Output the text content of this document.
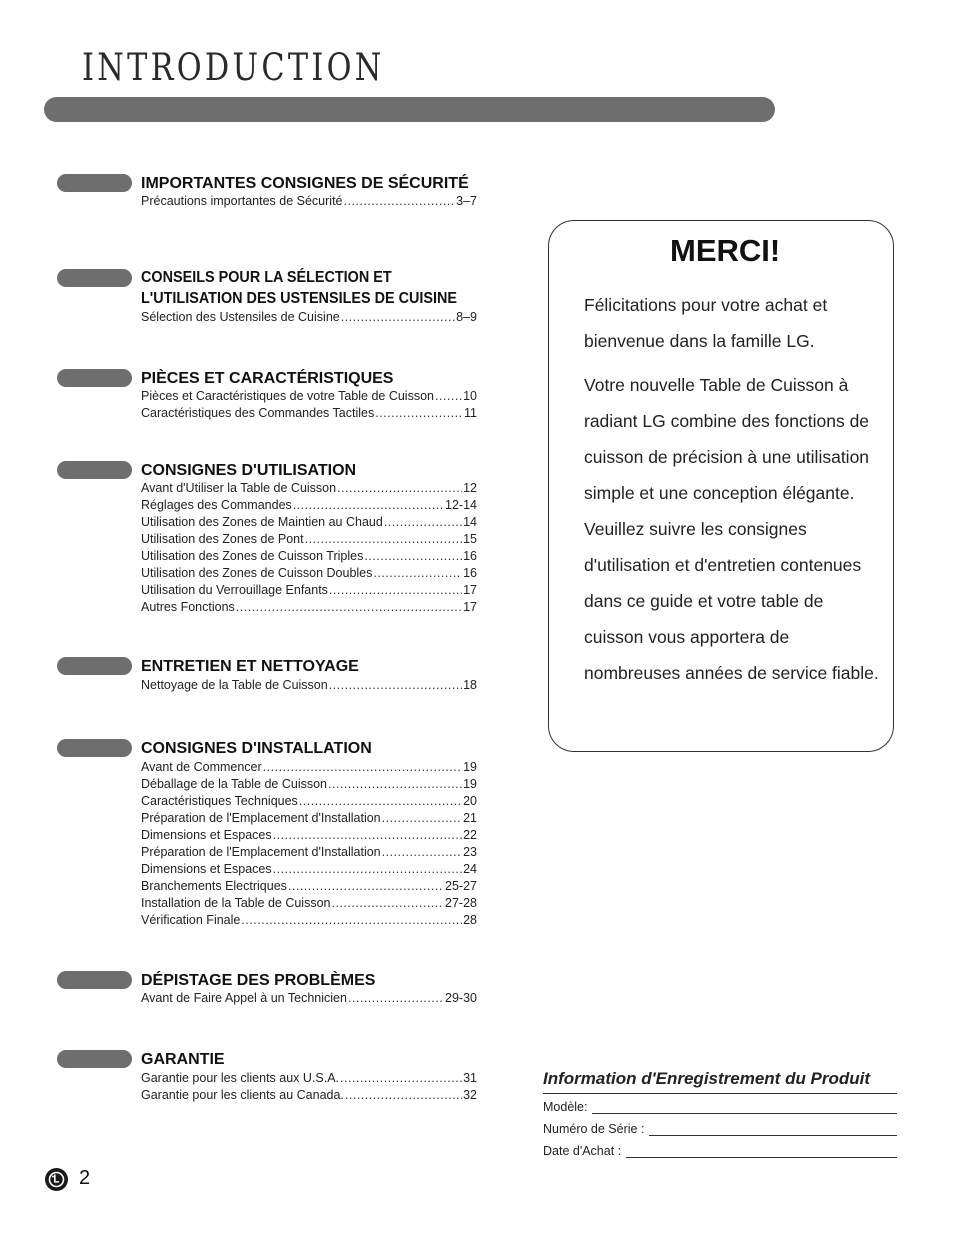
INTRODUCTION
IMPORTANTES CONSIGNES DE SÉCURITÉ
Précautions importantes de Sécurité .....	3–7
CONSEILS POUR LA SÉLECTION ET
L'UTILISATION DES USTENSILES DE CUISINE
Sélection des Ustensiles de Cuisine .....	8–9
PIÈCES ET CARACTÉRISTIQUES
Pièces et Caractéristiques de votre Table de Cuisson ..... 10
Caractéristiques des Commandes Tactiles .....	11
CONSIGNES D'UTILISATION
Avant d'Utiliser la Table de Cuisson .....	12
Réglages des Commandes .....	12-14
Utilisation des Zones de Maintien au Chaud .....	14
Utilisation des Zones de Pont .....	15
Utilisation des Zones de Cuisson Triples .....	16
Utilisation des Zones de Cuisson Doubles .....	16
Utilisation du Verrouillage Enfants .....	17
Autres Fonctions .....	17
ENTRETIEN ET NETTOYAGE
Nettoyage de la Table de Cuisson .....	18
CONSIGNES D'INSTALLATION
Avant de Commencer .....	19
Déballage de la Table de Cuisson .....	19
Caractéristiques Techniques .....	20
Préparation de l'Emplacement d'Installation .....	21
Dimensions et Espaces .....	22
Préparation de l'Emplacement d'Installation .....	23
Dimensions et Espaces .....	24
Branchements Electriques .....	25-27
Installation de la Table de Cuisson .....	27-28
Vérification Finale .....	28
DÉPISTAGE DES PROBLÈMES
Avant de Faire Appel à un Technicien .....	29-30
GARANTIE
Garantie pour les clients aux U.S.A. .....	31
Garantie pour les clients au Canada. .....	32
MERCI!

Félicitations pour votre achat et bienvenue dans la famille LG.

Votre nouvelle Table de Cuisson à radiant LG combine des fonctions de cuisson de précision à une utilisation simple et une conception élégante. Veuillez suivre les consignes d'utilisation et d'entretien contenues dans ce guide et votre table de cuisson vous apportera de nombreuses années de service fiable.

Information d'Enregistrement du Produit
Modèle:
Numéro de Série :
Date d'Achat :
2
